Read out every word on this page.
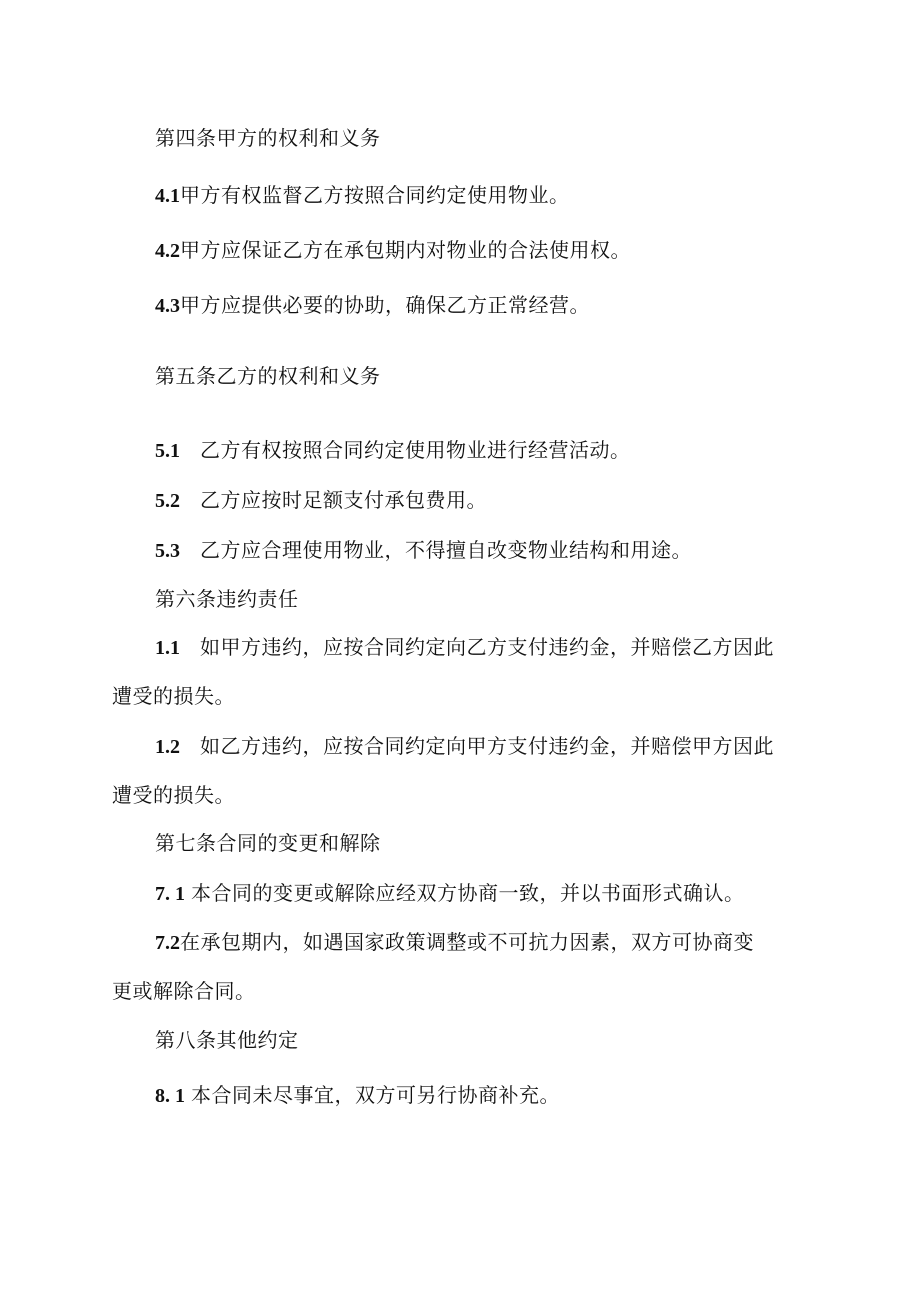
第四条甲方的权利和义务
4.1甲方有权监督乙方按照合同约定使用物业。
4.2甲方应保证乙方在承包期内对物业的合法使用权。
4.3甲方应提供必要的协助，确保乙方正常经营。
第五条乙方的权利和义务
5.1 乙方有权按照合同约定使用物业进行经营活动。
5.2 乙方应按时足额支付承包费用。
5.3 乙方应合理使用物业，不得擅自改变物业结构和用途。
第六条违约责任
1.1 如甲方违约，应按合同约定向乙方支付违约金，并赔偿乙方因此
遭受的损失。
1.2 如乙方违约，应按合同约定向甲方支付违约金，并赔偿甲方因此
遭受的损失。
第七条合同的变更和解除
7. 1 本合同的变更或解除应经双方协商一致，并以书面形式确认。
7.2在承包期内，如遇国家政策调整或不可抗力因素，双方可协商变
更或解除合同。
第八条其他约定
8. 1 本合同未尽事宜，双方可另行协商补充。
